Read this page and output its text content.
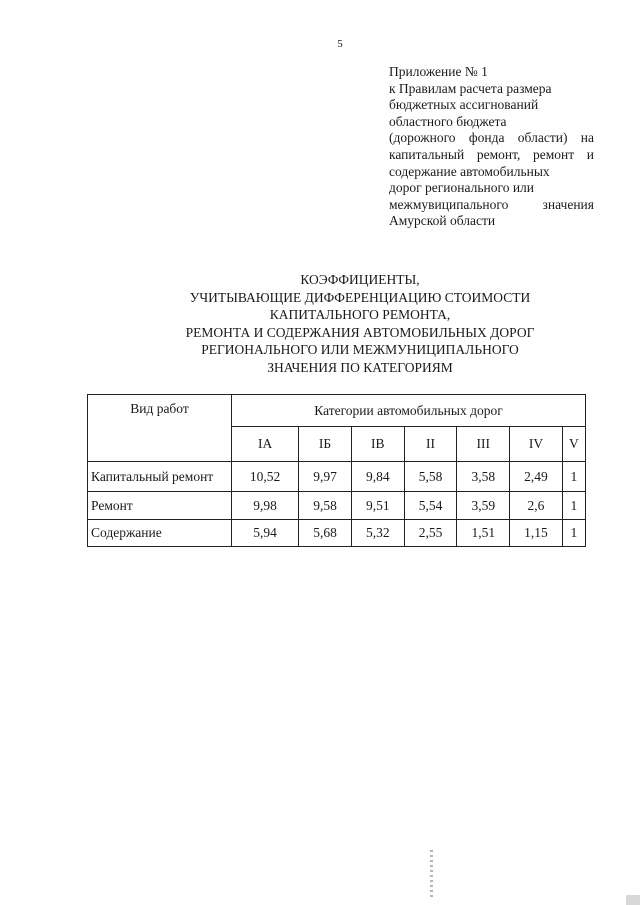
5
Приложение № 1
к Правилам расчета размера
бюджетных ассигнований
областного бюджета
(дорожного фонда области) на
капитальный ремонт, ремонт и
содержание автомобильных
дорог регионального или
межмувиципального значения
Амурской области
КОЭФФИЦИЕНТЫ,
УЧИТЫВАЮЩИЕ ДИФФЕРЕНЦИАЦИЮ СТОИМОСТИ
КАПИТАЛЬНОГО РЕМОНТА,
РЕМОНТА И СОДЕРЖАНИЯ АВТОМОБИЛЬНЫХ ДОРОГ
РЕГИОНАЛЬНОГО ИЛИ МЕЖМУНИЦИПАЛЬНОГО
ЗНАЧЕНИЯ ПО КАТЕГОРИЯМ
Вид работ	Категории автомобильных дорог						
	IA	IБ	IB	II	III	IV	V
Капитальный ремонт	10,52	9,97	9,84	5,58	3,58	2,49	1
Ремонт	9,98	9,58	9,51	5,54	3,59	2,6	1
Содержание	5,94	5,68	5,32	2,55	1,51	1,15	1
